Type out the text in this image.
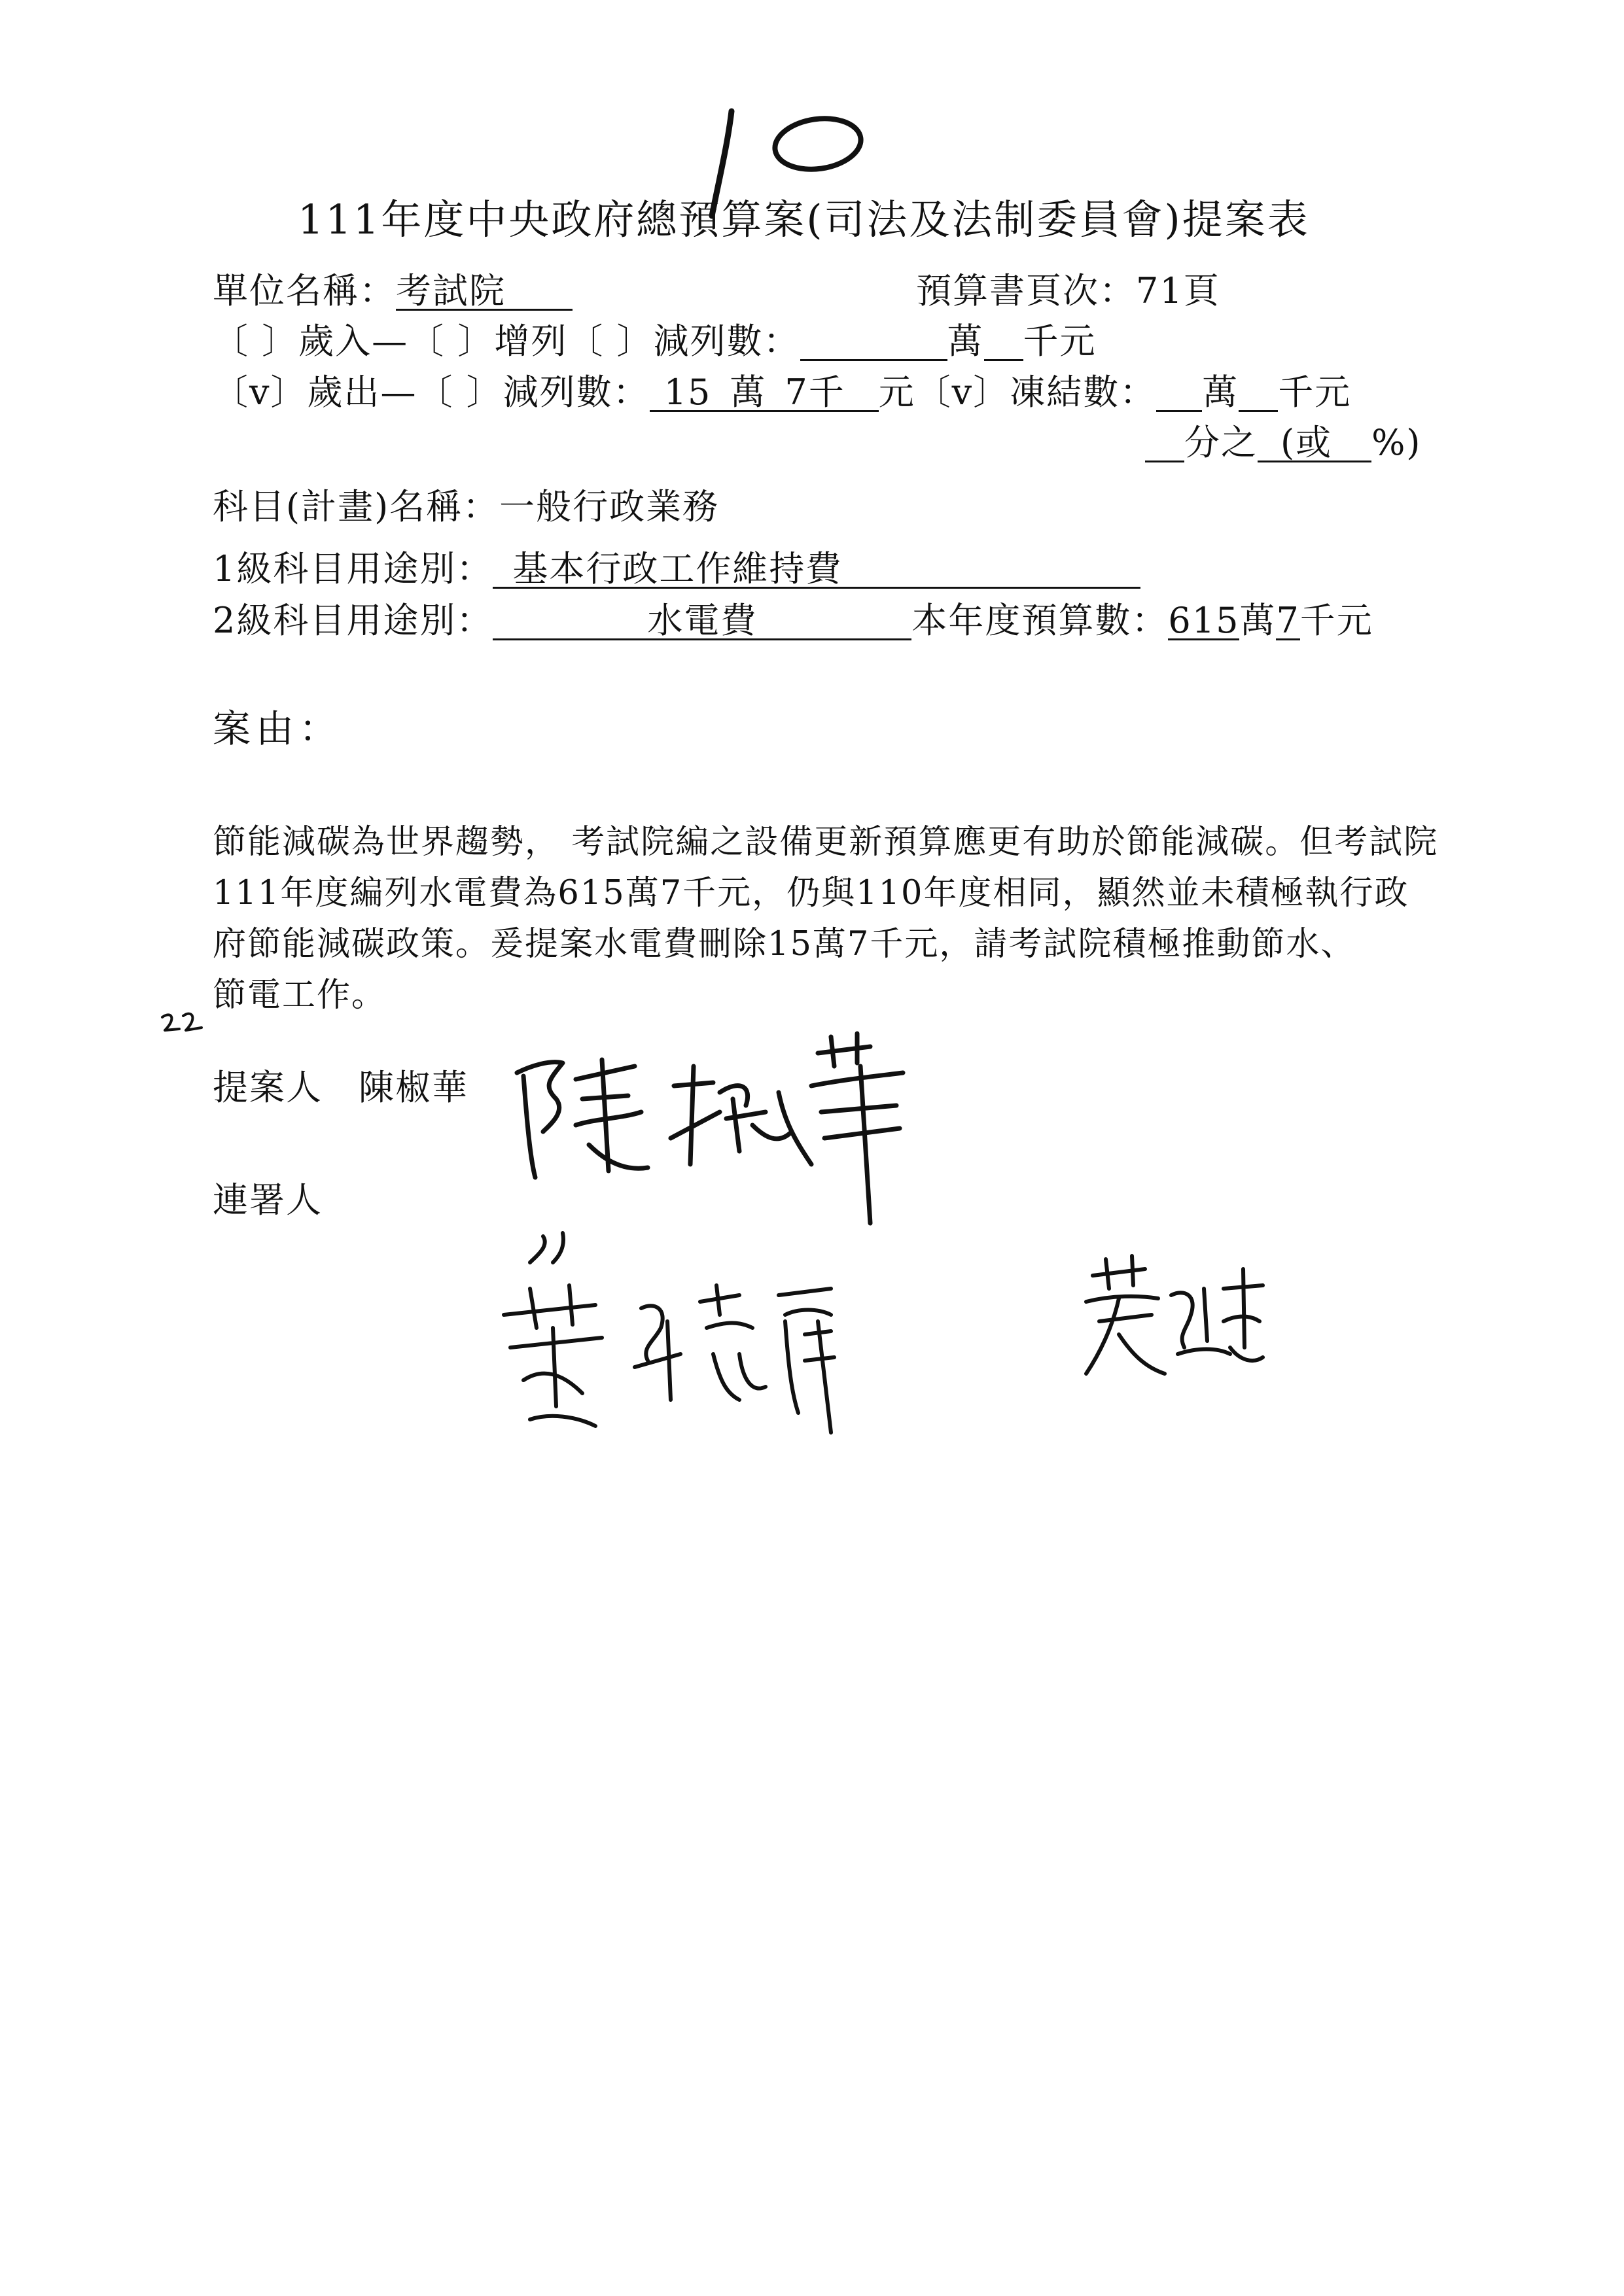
111年度中央政府總預算案(司法及法制委員會)提案表
單位名稱：考試院	預算書頁次：71頁
〔 〕歲入—〔 〕增列〔 〕減列數：	萬 千元
〔v〕歲出—〔 〕減列數： 15 萬 7千 元〔v〕凍結數： 萬 千元
分之 (或 %)
科目(計畫)名稱：一般行政業務
1級科目用途別： 基本行政工作維持費
2級科目用途別：	水電費	本年度預算數：615萬7千元
案由：
節能減碳為世界趨勢， 考試院編之設備更新預算應更有助於節能減碳。但考試院
111年度編列水電費為615萬7千元，仍與110年度相同，顯然並未積極執行政
府節能減碳政策。爰提案水電費刪除15萬7千元，請考試院積極推動節水、
節電工作。
提案人 陳椒華
連署人
